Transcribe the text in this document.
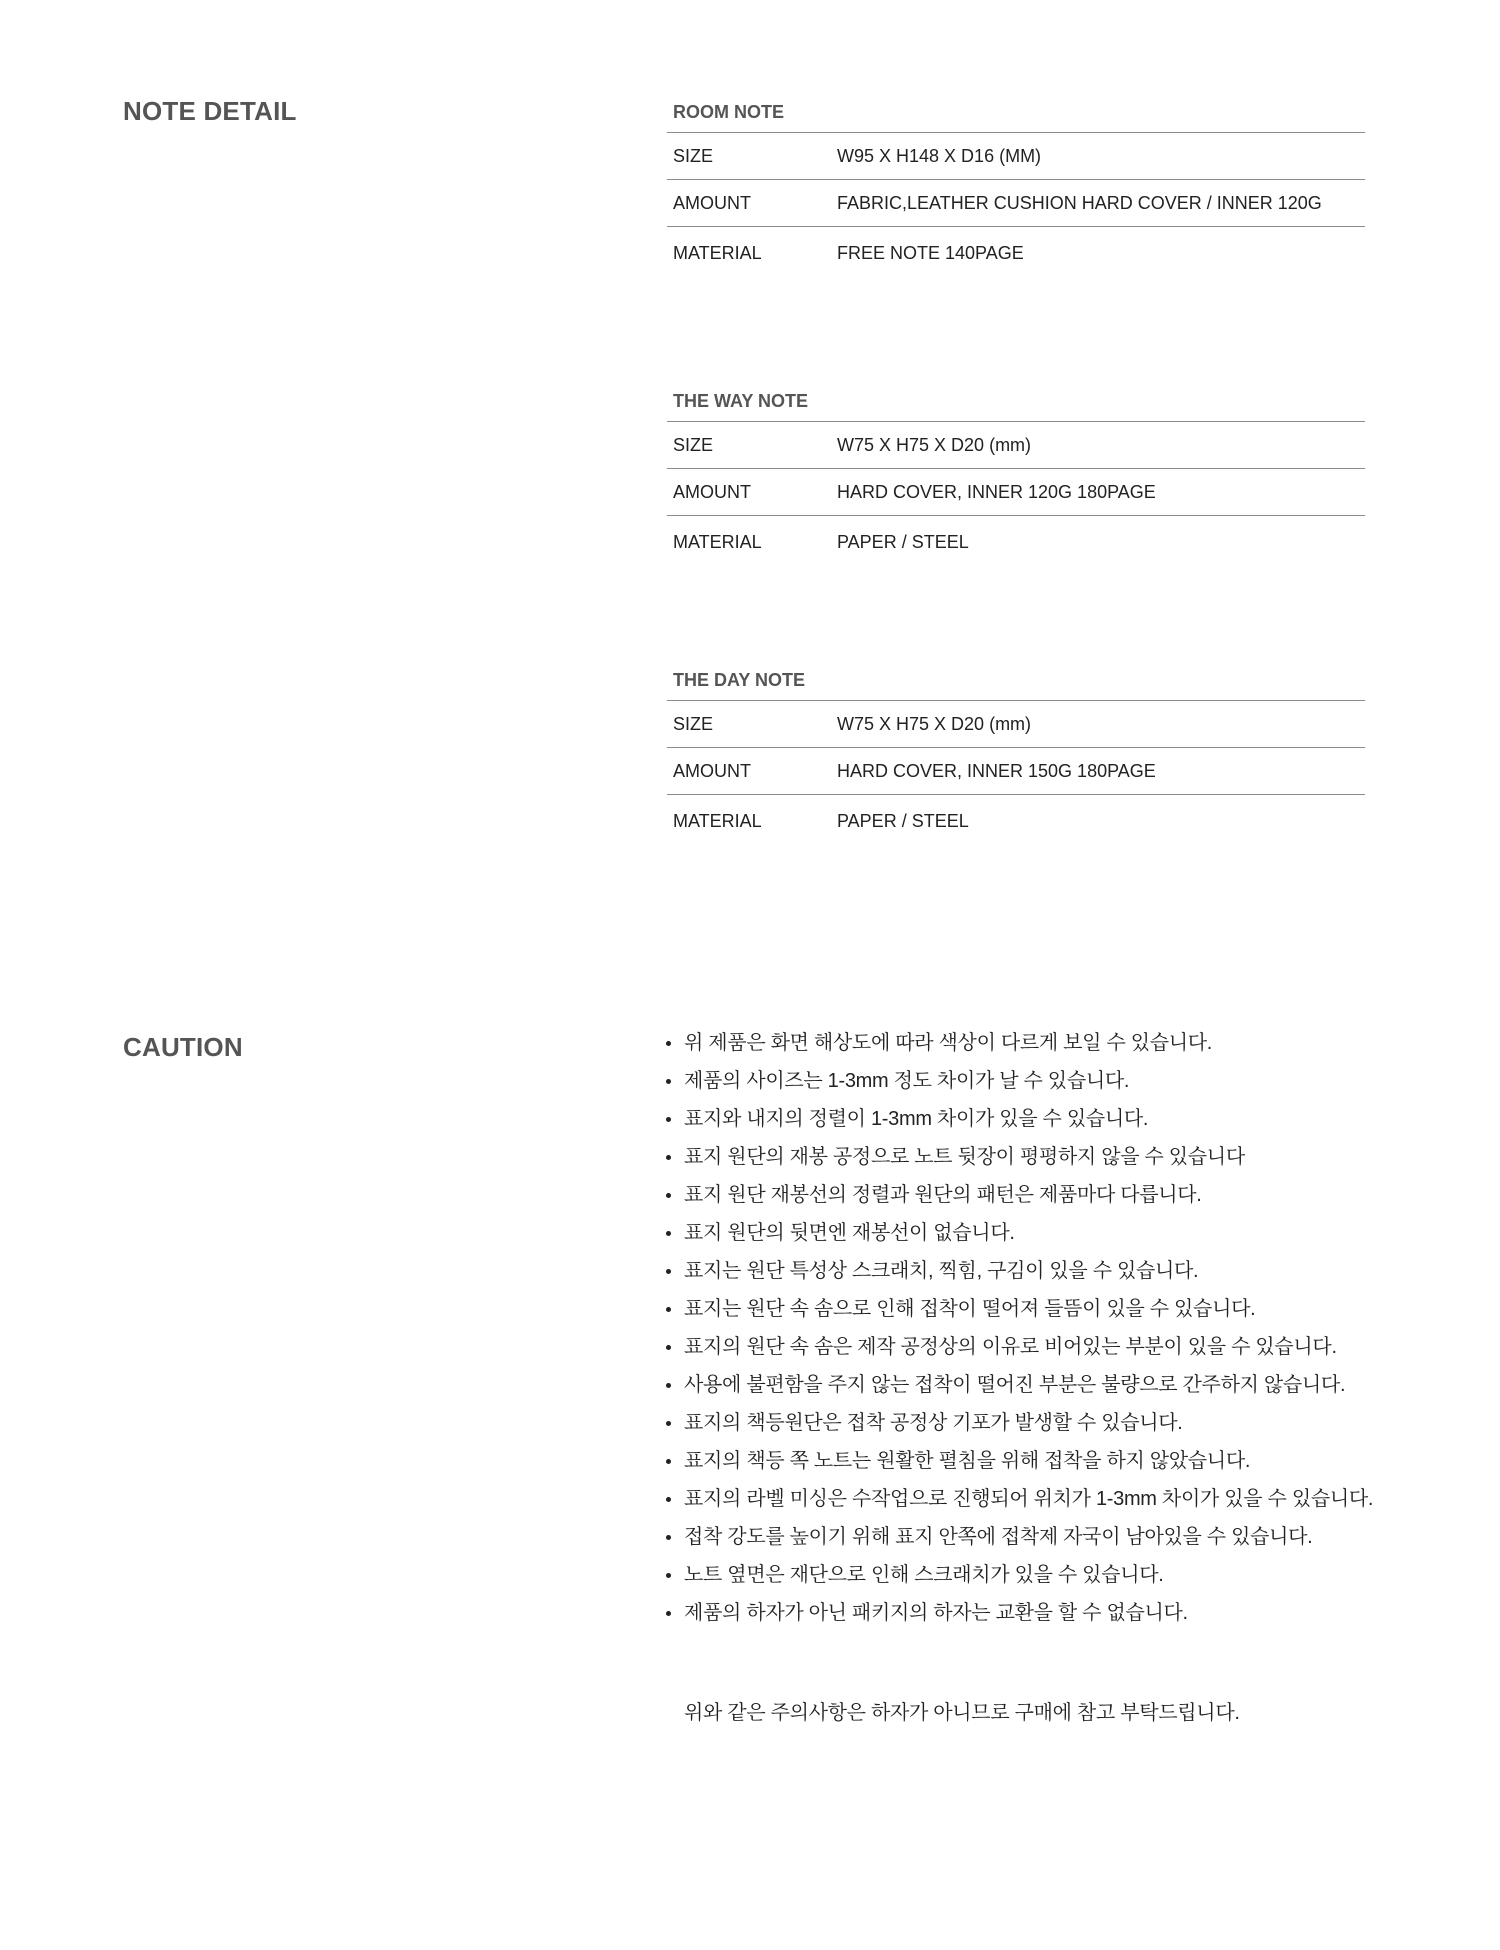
NOTE DETAIL	ROOM NOTE
SIZE	W95 X H148 X D16 (MM)
AMOUNT	FABRIC,LEATHER CUSHION HARD COVER / INNER 120G
MATERIAL	FREE NOTE 140PAGE
THE WAY NOTE
SIZE	W75 X H75 X D20 (mm)
AMOUNT	HARD COVER, INNER 120G 180PAGE
MATERIAL	PAPER / STEEL
THE DAY NOTE
SIZE	W75 X H75 X D20 (mm)
AMOUNT	HARD COVER, INNER 150G 180PAGE
MATERIAL	PAPER / STEEL
CAUTION	위 제품은 화면 해상도에 따라 색상이 다르게 보일 수 있습니다.
제품의 사이즈는 1-3mm 정도 차이가 날 수 있습니다.
표지와 내지의 정렬이 1-3mm 차이가 있을 수 있습니다.
표지 원단의 재봉 공정으로 노트 뒷장이 평평하지 않을 수 있습니다
표지 원단 재봉선의 정렬과 원단의 패턴은 제품마다 다릅니다.
표지 원단의 뒷면엔 재봉선이 없습니다.
표지는 원단 특성상 스크래치, 찍힘, 구김이 있을 수 있습니다.
표지는 원단 속 솜으로 인해 접착이 떨어져 들뜸이 있을 수 있습니다.
표지의 원단 속 솜은 제작 공정상의 이유로 비어있는 부분이 있을 수 있습니다.
사용에 불편함을 주지 않는 접착이 떨어진 부분은 불량으로 간주하지 않습니다.
표지의 책등원단은 접착 공정상 기포가 발생할 수 있습니다.
표지의 책등 쪽 노트는 원활한 펼침을 위해 접착을 하지 않았습니다.
표지의 라벨 미싱은 수작업으로 진행되어 위치가 1-3mm 차이가 있을 수 있습니다.
접착 강도를 높이기 위해 표지 안쪽에 접착제 자국이 남아있을 수 있습니다.
노트 옆면은 재단으로 인해 스크래치가 있을 수 있습니다.
제품의 하자가 아닌 패키지의 하자는 교환을 할 수 없습니다.

위와 같은 주의사항은 하자가 아니므로 구매에 참고 부탁드립니다.
